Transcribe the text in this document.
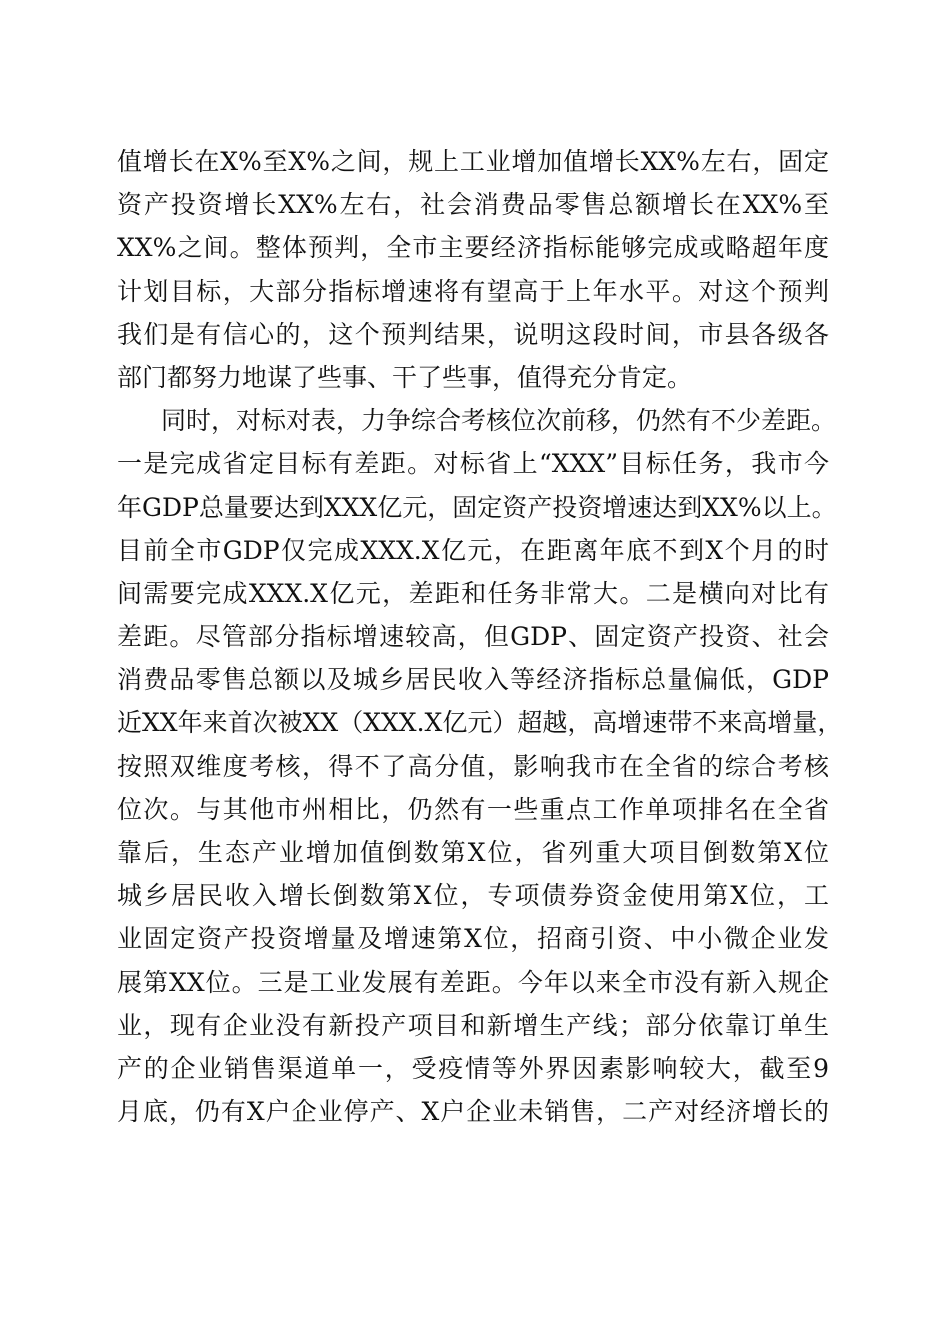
值增长在X%至X%之间，规上工业增加值增长XX%左右，固定
资产投资增长XX%左右，社会消费品零售总额增长在XX%至
XX%之间。整体预判，全市主要经济指标能够完成或略超年度
计划目标，大部分指标增速将有望高于上年水平。对这个预判
我们是有信心的，这个预判结果，说明这段时间，市县各级各
部门都努力地谋了些事、干了些事，值得充分肯定。
同时，对标对表，力争综合考核位次前移，仍然有不少差距。
一是完成省定目标有差距。对标省上“XXX”目标任务，我市今
年GDP总量要达到XXX亿元，固定资产投资增速达到XX%以上。
目前全市GDP仅完成XXX.X亿元，在距离年底不到X个月的时
间需要完成XXX.X亿元，差距和任务非常大。二是横向对比有
差距。尽管部分指标增速较高，但GDP、固定资产投资、社会
消费品零售总额以及城乡居民收入等经济指标总量偏低，GDP
近XX年来首次被XX（XXX.X亿元）超越，高增速带不来高增量，
按照双维度考核，得不了高分值，影响我市在全省的综合考核
位次。与其他市州相比，仍然有一些重点工作单项排名在全省
靠后，生态产业增加值倒数第X位，省列重大项目倒数第X位
城乡居民收入增长倒数第X位，专项债券资金使用第X位，工
业固定资产投资增量及增速第X位，招商引资、中小微企业发
展第XX位。三是工业发展有差距。今年以来全市没有新入规企
业，现有企业没有新投产项目和新增生产线；部分依靠订单生
产的企业销售渠道单一，受疫情等外界因素影响较大，截至9
月底，仍有X户企业停产、X户企业未销售，二产对经济增长的
